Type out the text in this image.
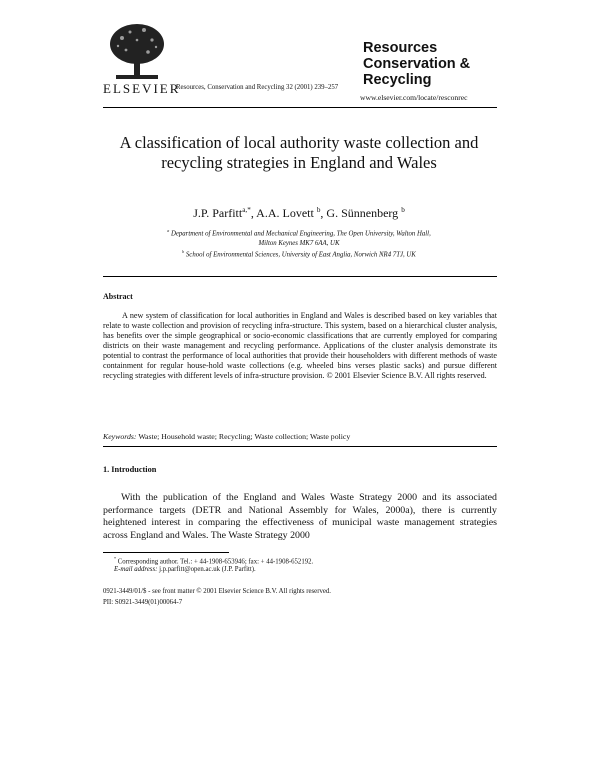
ELSEVIER
Resources, Conservation and Recycling 32 (2001) 239–257
Resources
Conservation &
Recycling
www.elsevier.com/locate/resconrec
A classification of local authority waste collection and recycling strategies in England and Wales
J.P. Parfitt$^{a,*}$, A.A. Lovett $^b$, G. Sünnenberg $^b$
$^a$ Department of Environmental and Mechanical Engineering, The Open University, Walton Hall,
Milton Keynes MK7 6AA, UK
$^b$ School of Environmental Sciences, University of East Anglia, Norwich NR4 7TJ, UK
Abstract
A new system of classification for local authorities in England and Wales is described based on key variables that relate to waste collection and provision of recycling infra-structure. This system, based on a hierarchical cluster analysis, has benefits over the simple geographical or socio-economic classifications that are currently employed for comparing districts on their waste management and recycling performance. Applications of the cluster analysis demonstrate its potential to contrast the performance of local authorities that provide their householders with different methods of waste containment for regular house-hold waste collections (e.g. wheeled bins verses plastic sacks) and pursue different recycling strategies with different levels of infra-structure provision. © 2001 Elsevier Science B.V. All rights reserved.
Keywords: Waste; Household waste; Recycling; Waste collection; Waste policy
1. Introduction
With the publication of the England and Wales Waste Strategy 2000 and its associated performance targets (DETR and National Assembly for Wales, 2000a), there is currently heightened interest in comparing the effectiveness of municipal waste management strategies across England and Wales. The Waste Strategy 2000
* Corresponding author. Tel.: + 44-1908-653946; fax: + 44-1908-652192.
E-mail address: j.p.parfitt@open.ac.uk (J.P. Parfitt).
0921-3449/01/$ - see front matter © 2001 Elsevier Science B.V. All rights reserved.
PII: S0921-3449(01)00064-7
